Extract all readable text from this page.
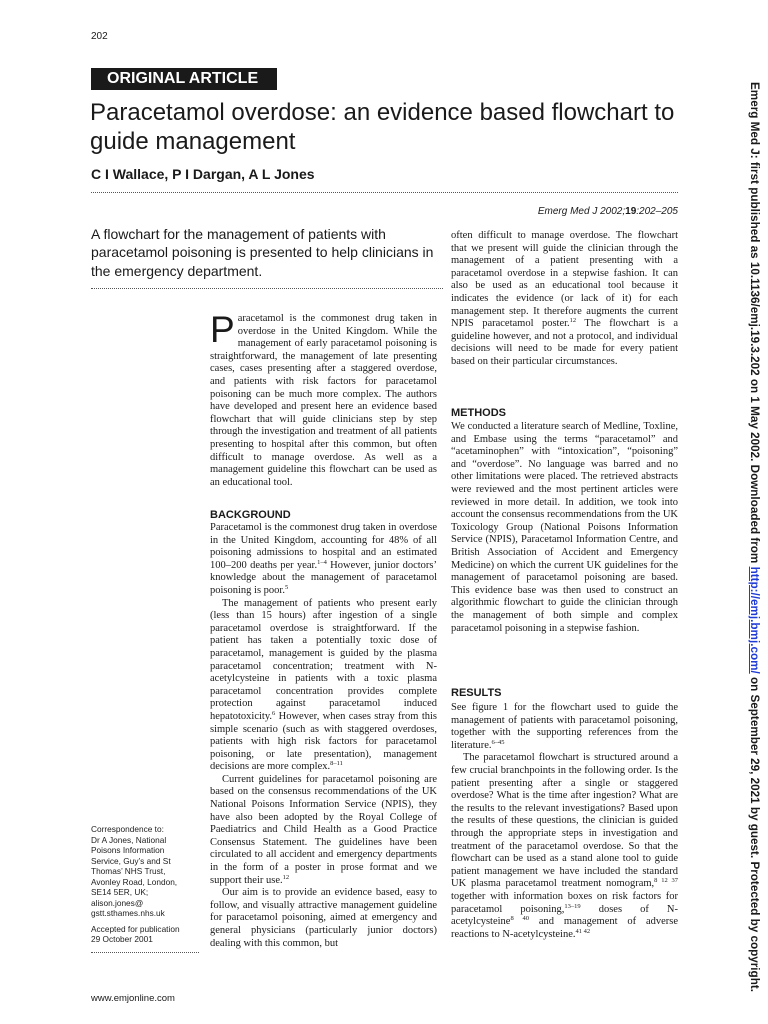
202
ORIGINAL ARTICLE
Paracetamol overdose: an evidence based flowchart to guide management
C I Wallace, P I Dargan, A L Jones
Emerg Med J 2002;19:202–205
A flowchart for the management of patients with paracetamol poisoning is presented to help clinicians in the emergency department.

Paracetamol is the commonest drug taken in overdose in the United Kingdom. While the management of early paracetamol poisoning is straightforward, the management of late presenting cases, cases presenting after a staggered overdose, and patients with risk factors for paracetamol poisoning can be much more complex. The authors have developed and present here an evidence based flowchart that will guide clinicians step by step through the investigation and treatment of all patients presenting to hospital after this common, but often difficult to manage overdose. As well as a management guideline this flowchart can be used as an educational tool.

BACKGROUND

Paracetamol is the commonest drug taken in overdose in the United Kingdom, accounting for 48% of all poisoning admissions to hospital and an estimated 100–200 deaths per year.$^{1-4}$ However, junior doctors’ knowledge about the management of paracetamol poisoning is poor.$^5$

The management of patients who present early (less than 15 hours) after ingestion of a single paracetamol overdose is straightforward. If the patient has taken a potentially toxic dose of paracetamol, management is guided by the plasma paracetamol concentration; treatment with N-acetylcysteine in patients with a toxic plasma paracetamol concentration provides complete protection against paracetamol induced hepatotoxicity.$^6$ However, when cases stray from this simple scenario (such as with staggered overdoses, patients with high risk factors for paracetamol poisoning, or late presentation), management decisions are more complex.$^{8-11}$

Current guidelines for paracetamol poisoning are based on the consensus recommendations of the UK National Poisons Information Service (NPIS), they have also been adopted by the Royal College of Paediatrics and Child Health as a Good Practice Consensus Statement. The guidelines have been circulated to all accident and emergency departments in the form of a poster in prose format and we support their use.$^{12}$

Our aim is to provide an evidence based, easy to follow, and visually attractive management guideline for paracetamol poisoning, aimed at emergency and general physicians (particularly junior doctors) dealing with this common, but

often difficult to manage overdose. The flowchart that we present will guide the clinician through the management of a patient presenting with a paracetamol overdose in a stepwise fashion. It can also be used as an educational tool because it indicates the evidence (or lack of it) for each management step. It therefore augments the current NPIS paracetamol poster.$^{12}$ The flowchart is a guideline however, and not a protocol, and individual decisions will need to be made for every patient based on their particular circumstances.

METHODS

We conducted a literature search of Medline, Toxline, and Embase using the terms “paracetamol” and “acetaminophen” with “intoxication”, “poisoning” and “overdose”. No language was barred and no other limitations were placed. The retrieved abstracts were reviewed and the most pertinent articles were reviewed in more detail. In addition, we took into account the consensus recommendations from the UK Toxicology Group (National Poisons Information Service (NPIS), Paracetamol Information Centre, and British Association of Accident and Emergency Medicine) on which the current UK guidelines for the management of paracetamol poisoning are based. This evidence base was then used to construct an algorithmic flowchart to guide the clinician through the management of both simple and complex paracetamol poisoning in a stepwise fashion.

RESULTS

See figure 1 for the flowchart used to guide the management of patients with paracetamol poisoning, together with the supporting references from the literature.$^{6-45}$

The paracetamol flowchart is structured around a few crucial branchpoints in the following order. Is the patient presenting after a single or staggered overdose? What is the time after ingestion? What are the results to the relevant investigations? Based upon the results of these questions, the clinician is guided through the appropriate steps in investigation and treatment of the paracetamol overdose. So that the flowchart can be used as a stand alone tool to guide patient management we have included the standard UK plasma paracetamol treatment nomogram,$^{8 12 37}$ together with information boxes on risk factors for paracetamol poisoning,$^{13-19}$ doses of N-acetylcysteine$^{8 40}$ and management of adverse reactions to N-acetylcysteine.$^{41 42}$

Correspondence to:
Dr A Jones, National
Poisons Information
Service, Guy’s and St
Thomas’ NHS Trust,
Avonley Road, London,
SE14 5ER, UK;
alison.jones@
gstt.sthames.nhs.uk
Accepted for publication
29 October 2001
www.emjonline.com
Emerg Med J: first published as 10.1136/emj.19.3.202 on 1 May 2002. Downloaded from http://emj.bmj.com/ on September 29, 2021 by guest. Protected by copyright.
